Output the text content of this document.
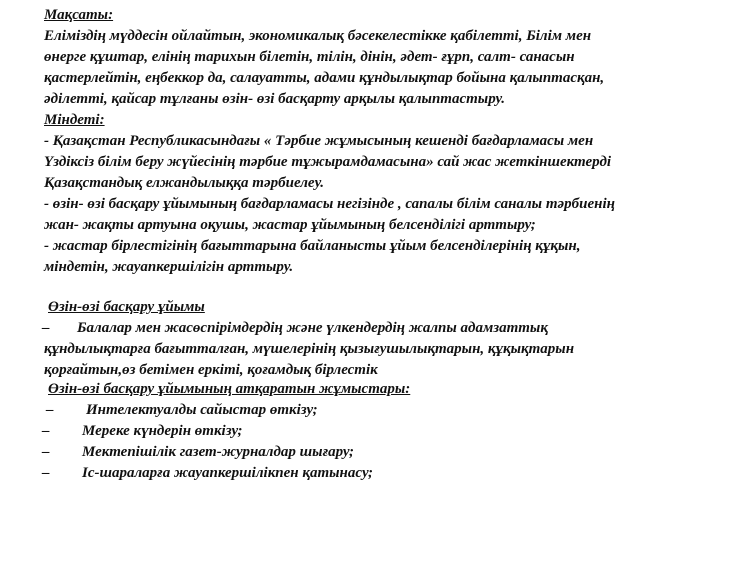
Мақсаты:
Еліміздің мүддесін ойлайтын, экономикалық бәсекелестікке қабілетті, Білім мен
өнерге құштар, елінің тарихын білетін, тілін, дінін, әдет- ғұрп, салт- санасын
қастерлейтін, еңбеккор да, салауатты, адами құндылықтар бойына қалыптасқан,
әділетті, қайсар тұлғаны өзін- өзі басқарту арқылы қалыптастыру.
Міндеті:
- Қазақстан Республикасындағы « Тәрбие жұмысының кешенді бағдарламасы мен
Үздіксіз білім беру жүйесінің тәрбие тұжырамдамасына» сай жас жеткіншектерді
Қазақстандық елжандылыққа тәрбиелеу.
- өзін- өзі басқару ұйымының бағдарламасы негізінде , сапалы білім саналы тәрбиенің
жан- жақты артуына оқушы, жастар ұйымының белсенділігі арттыру;
- жастар бірлестігінің бағыттарына байланысты ұйым белсенділерінің құқын,
міндетін, жауапкершілігін арттыру.
Өзін-өзі басқару ұйымы
– Балалар мен жасөспірімдердің және үлкендердің жалпы адамзаттық
құндылықтарға бағытталған, мүшелерінің қызығушылықтарын, құқықтарын
қорғайтын,өз бетімен еркіті, қоғамдық бірлестік
Өзін-өзі басқару ұйымының атқаратын жұмыстары:
– Интелектуалды сайыстар өткізу;
– Мереке күндерін өткізу;
– Мектепішілік газет-журналдар шығару;
– Іс-шараларға жауапкершілікпен қатынасу;
